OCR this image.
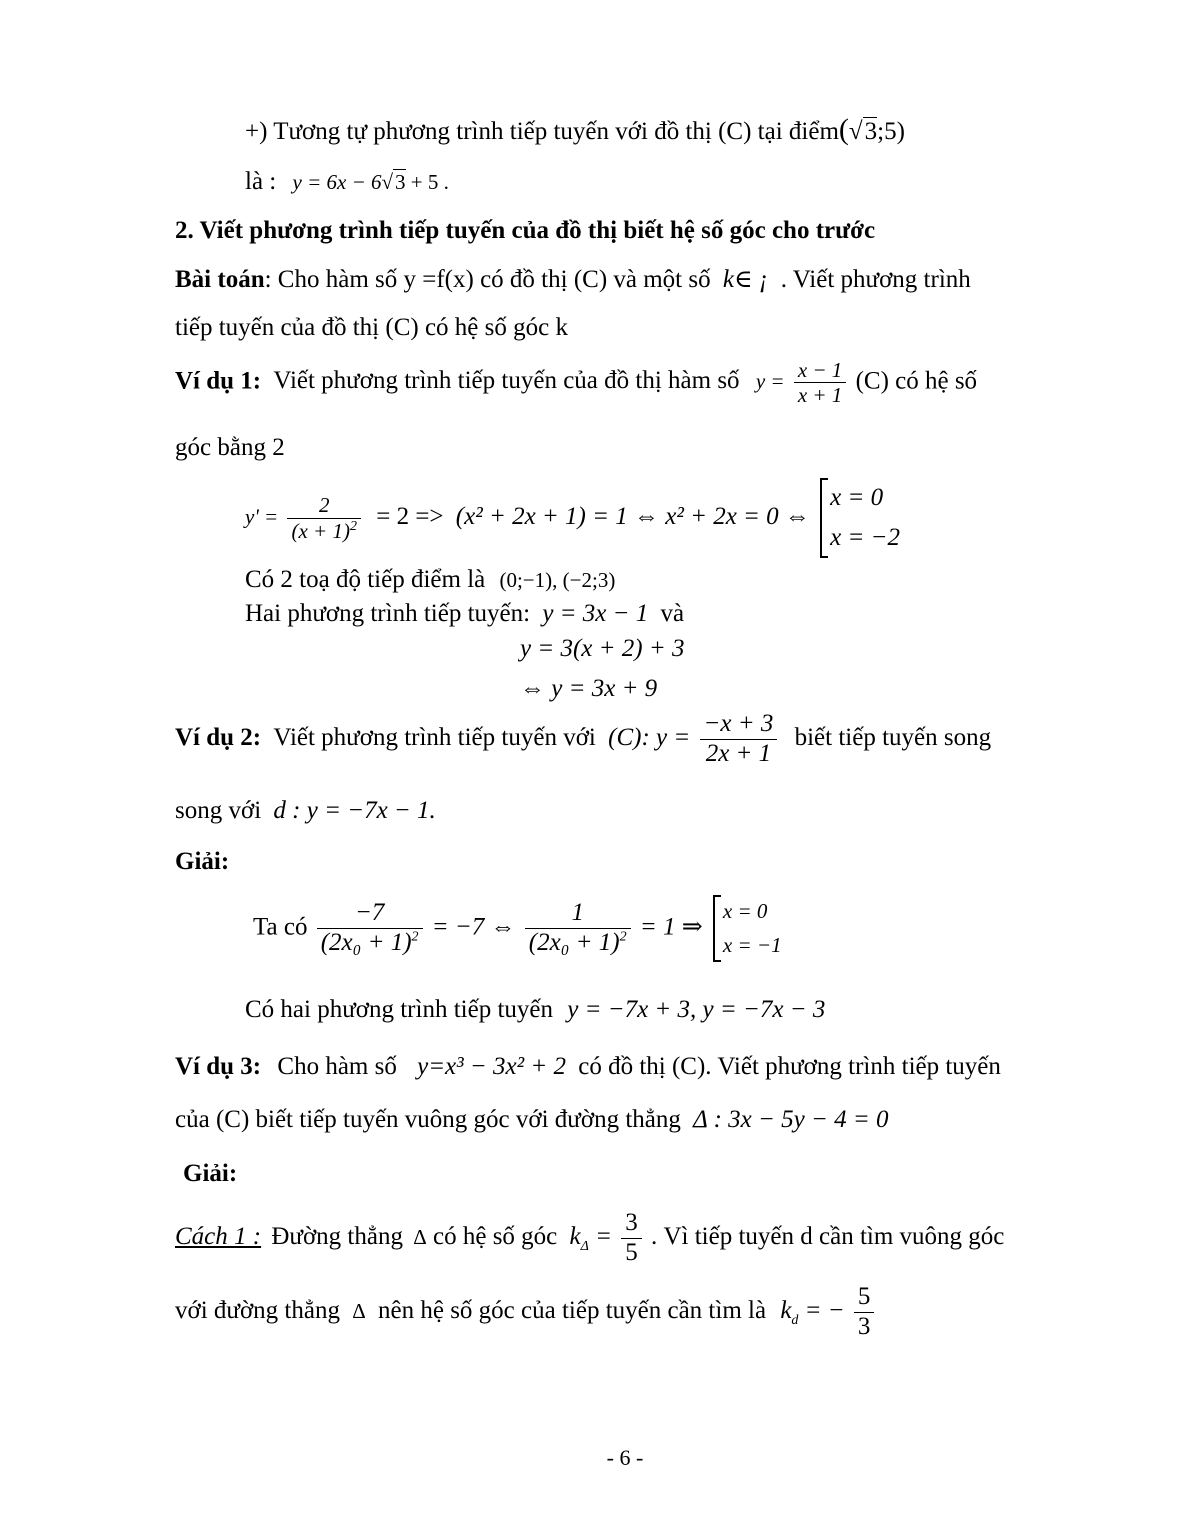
+) Tương tự phương trình tiếp tuyến với đồ thị (C) tại điểm(√3;5)
là : y = 6x − 6√3 + 5 .
2. Viết phương trình tiếp tuyến của đồ thị biết hệ số góc cho trước
Bài toán: Cho hàm số y =f(x) có đồ thị (C) và một số k∈ ¡ . Viết phương trình
tiếp tuyến của đồ thị (C) có hệ số góc k
Ví dụ 1: Viết phương trình tiếp tuyến của đồ thị hàm số $y = \frac{x - 1}{x + 1} (C)$ có hệ số
góc bằng 2
$y' = \frac{2}{(x + 1)^2} = 2 => (x^2 + 2x + 1) = 1$ ⇔ x² + 2x = 0 ⇔
x = 0
x = −2
Có 2 toạ độ tiếp điểm là (0;−1), (−2;3)
Hai phương trình tiếp tuyến: y = 3x − 1 và
y = 3(x + 2) + 3
⇔ y = 3x + 9
Ví dụ 2: Viết phương trình tiếp tuyến với (C): $y = \frac{-x + 3}{2x + 1}$ biết tiếp tuyến song
song với d : y = −7x − 1.
Giải:
Ta có $\frac{-7}{(2x_0 + 1)^2} = -7$ ⇔ $\frac{1}{(2x_0 + 1)^2} = 1$ ⇒
x = 0
x = −1
Có hai phương trình tiếp tuyến y = −7x + 3, y = −7x − 3
Ví dụ 3: Cho hàm số y=x³ − 3x² + 2 có đồ thị (C). Viết phương trình tiếp tuyến
của (C) biết tiếp tuyến vuông góc với đường thẳng Δ : 3x − 5y − 4 = 0
Giải:
Cách 1 : Đường thẳng Δ có hệ số góc $k_\Delta = \frac{3}{5}$ . Vì tiếp tuyến d cần tìm vuông góc
với đường thẳng Δ nên hệ số góc của tiếp tuyến cần tìm là $k_d$ = − $\frac{5}{3}$
- 6 -
